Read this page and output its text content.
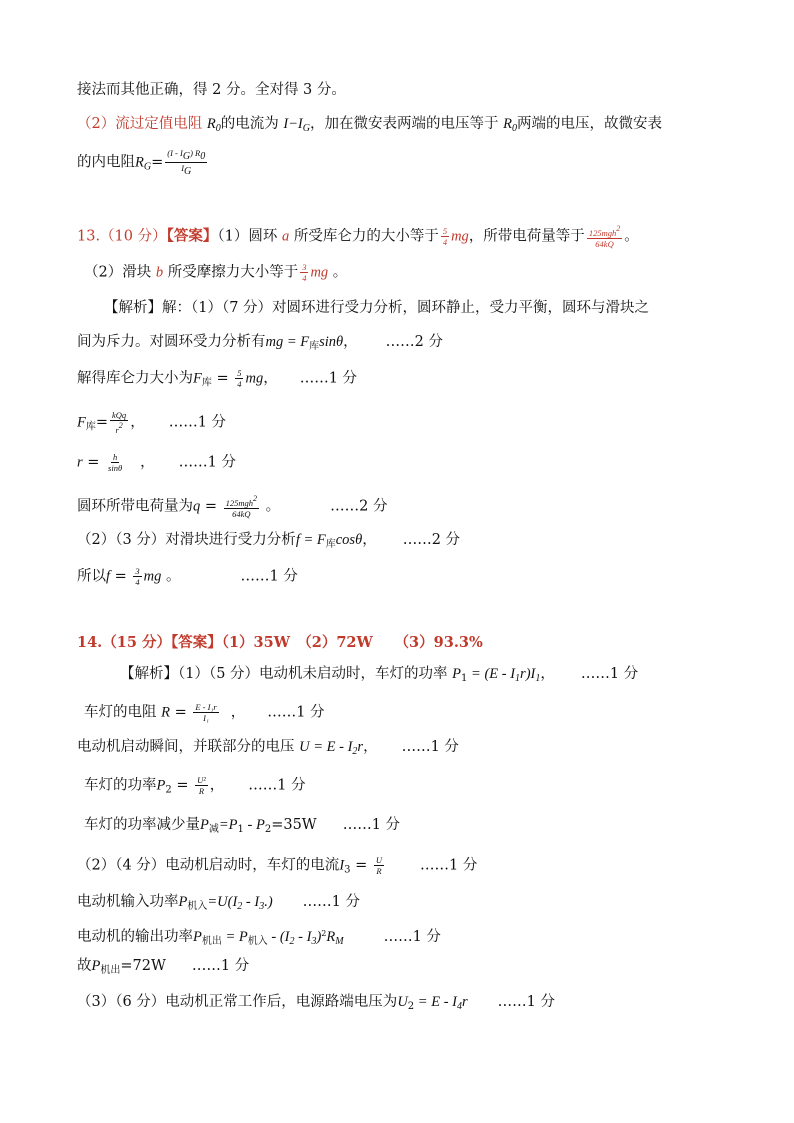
接法而其他正确，得 2 分。全对得 3 分。
（2）流过定值电阻 $R_0$的电流为 $I-I_G$，加在微安表两端的电压等于 $R_0$两端的电压，故微安表
的内电阻$R_G= \frac{(I - IG) R0}{IG}$
13.（10 分）【答案】（1）圆环 a 所受库仑力的大小等于 $\frac{5}{4}$ mg，所带电荷量等于 $\frac{\text{125mgh2}}{64kQ}$ 。
（2）滑块 b 所受摩擦力大小等于 $\frac{3}{4}$ mg 。
【解析】解：（1）（7 分）对圆环进行受力分析，圆环静止，受力平衡，圆环与滑块之
间为斥力。对圆环受力分析有mg = $F_库\sin\theta$， ……2 分
解得库仑力大小为$F_库 = \frac{5}{4}$ mg， ……1 分
$F_库= \frac{\text{kQq}}{r2}$ ， ……1 分
$r = \frac{h}{\sin\theta}$ ， ……1 分
圆环所带电荷量为$q = \frac{\text{125mgh2}}{64kQ}$ 。	……2 分
（2）（3 分）对滑块进行受力分析$f = F_库\cos\theta$， ……2 分
所以$f = \frac{3}{4}$ mg 。	……1 分
14.（15 分）【答案】（1）35W　（2）72W　　（3）93.3%
【解析】（1）（5 分）电动机未启动时，车灯的功率 $P_1 = (E - I_1r)I_1$， ……1 分
车灯的电阻 $R = \frac{\text{E - I₁r}}{\text{I₁}}$ ， ……1 分
电动机启动瞬间，并联部分的电压 $U = E - I_2r$， ……1 分
车灯的功率$P_2 = \frac{\text{U²}}{R}$ ， ……1 分
车灯的功率减少量$P_减=P_1 - P_2=35W$ ……1 分
（2）（4 分）电动机启动时，车灯的电流$I_3 = \frac{U}{R}$ ……1 分
电动机输入功率$P_{机入}=U(I_2 - I_3.)$ ……1 分
电动机的输出功率$P_{机出} = P_{机入} - (I_2 - I_3)^2R_M$	……1 分
故$P_{机出}=72W$ ……1 分
（3）（6 分）电动机正常工作后，电源路端电压为$U_2 = E - I_4r$ ……1 分
